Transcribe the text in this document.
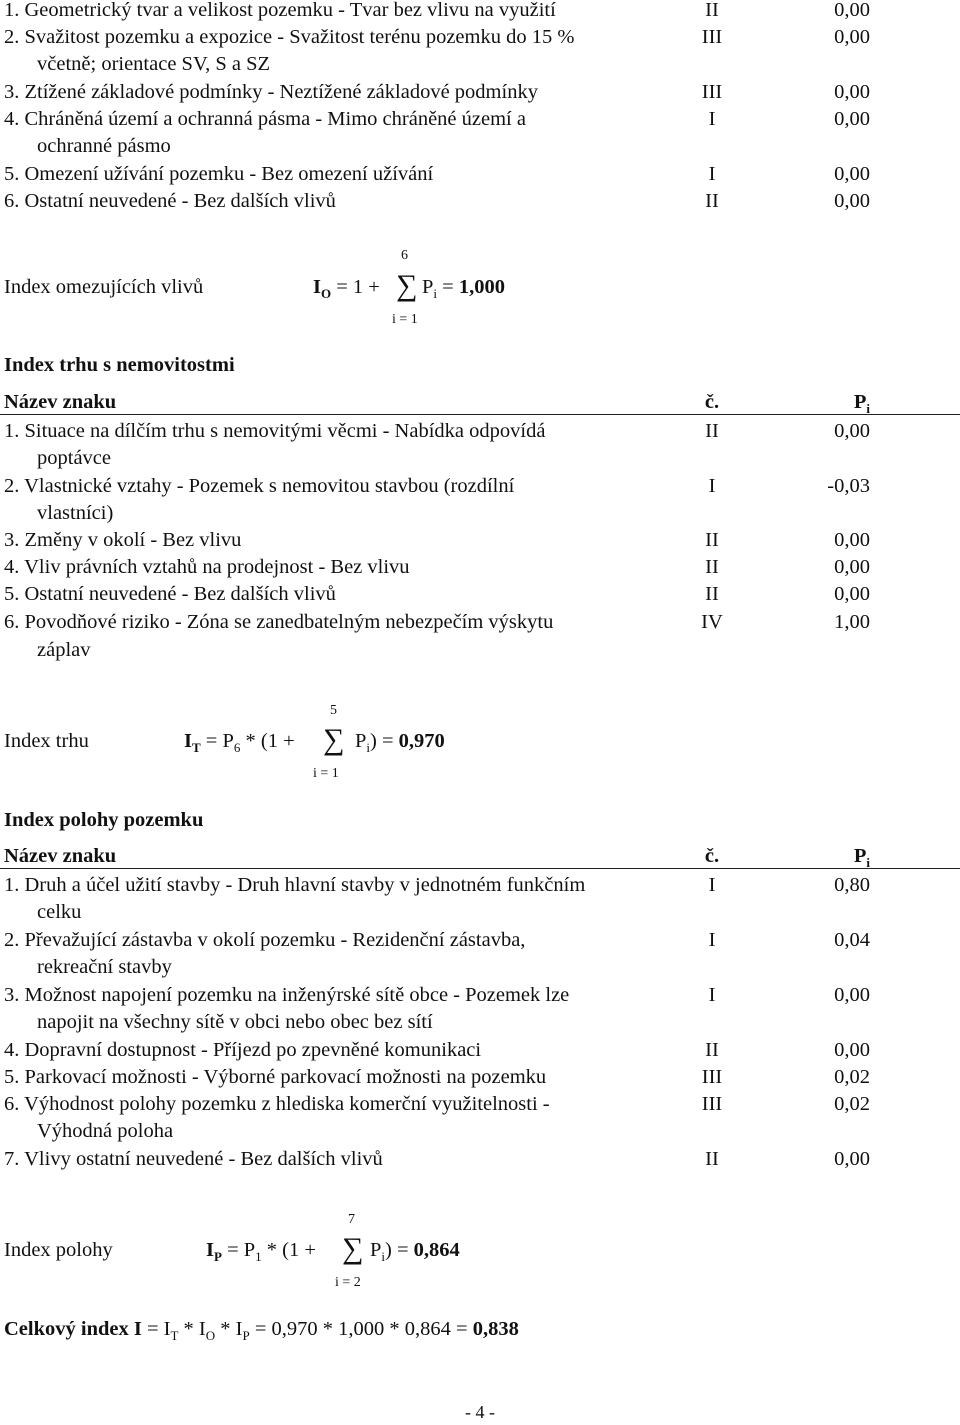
1. Geometrický tvar a velikost pozemku - Tvar bez vlivu na využití	II	0,00
2. Svažitost pozemku a expozice - Svažitost terénu pozemku do 15 %	III	0,00
včetně; orientace SV, S a SZ
3. Ztížené základové podmínky - Neztížené základové podmínky	III	0,00
4. Chráněná území a ochranná pásma - Mimo chráněné území a	I	0,00
ochranné pásmo
5. Omezení užívání pozemku - Bez omezení užívání	I	0,00
6. Ostatní neuvedené - Bez dalších vlivů	II	0,00
Index omezujících vlivů
6
i = 1
$I_O = 1$ + ∑ $P_i = 1,000$
Index trhu s nemovitostmi
Název znaku	č.	$P_i$
1. Situace na dílčím trhu s nemovitými věcmi - Nabídka odpovídá	II	0,00
poptávce
2. Vlastnické vztahy - Pozemek s nemovitou stavbou (rozdílní	I	-0,03
vlastníci)
3. Změny v okolí - Bez vlivu	II	0,00
4. Vliv právních vztahů na prodejnost - Bez vlivu	II	0,00
5. Ostatní neuvedené - Bez dalších vlivů	II	0,00
6. Povodňové riziko - Zóna se zanedbatelným nebezpečím výskytu	IV	1,00
záplav
Index trhu
5
i = 1
$I_T = P_6 * (1$ + ∑ $P_i) = 0,970$
Index polohy pozemku
Název znaku	č.	$P_i$
1. Druh a účel užití stavby - Druh hlavní stavby v jednotném funkčním	I	0,80
celku
2. Převažující zástavba v okolí pozemku - Rezidenční zástavba,	I	0,04
rekreační stavby
3. Možnost napojení pozemku na inženýrské sítě obce - Pozemek lze	I	0,00
napojit na všechny sítě v obci nebo obec bez sítí
4. Dopravní dostupnost - Příjezd po zpevněné komunikaci	II	0,00
5. Parkovací možnosti - Výborné parkovací možnosti na pozemku	III	0,02
6. Výhodnost polohy pozemku z hlediska komerční využitelnosti -	III	0,02
Výhodná poloha
7. Vlivy ostatní neuvedené - Bez dalších vlivů	II	0,00
Index polohy
7
i = 2
$I_P = P_1 * (1$ + ∑ $P_i) = 0,864$
Celkový index $I = I_T * I_O * I_P = 0,970 * 1,000 * 0,864 = 0,838$
- 4 -
